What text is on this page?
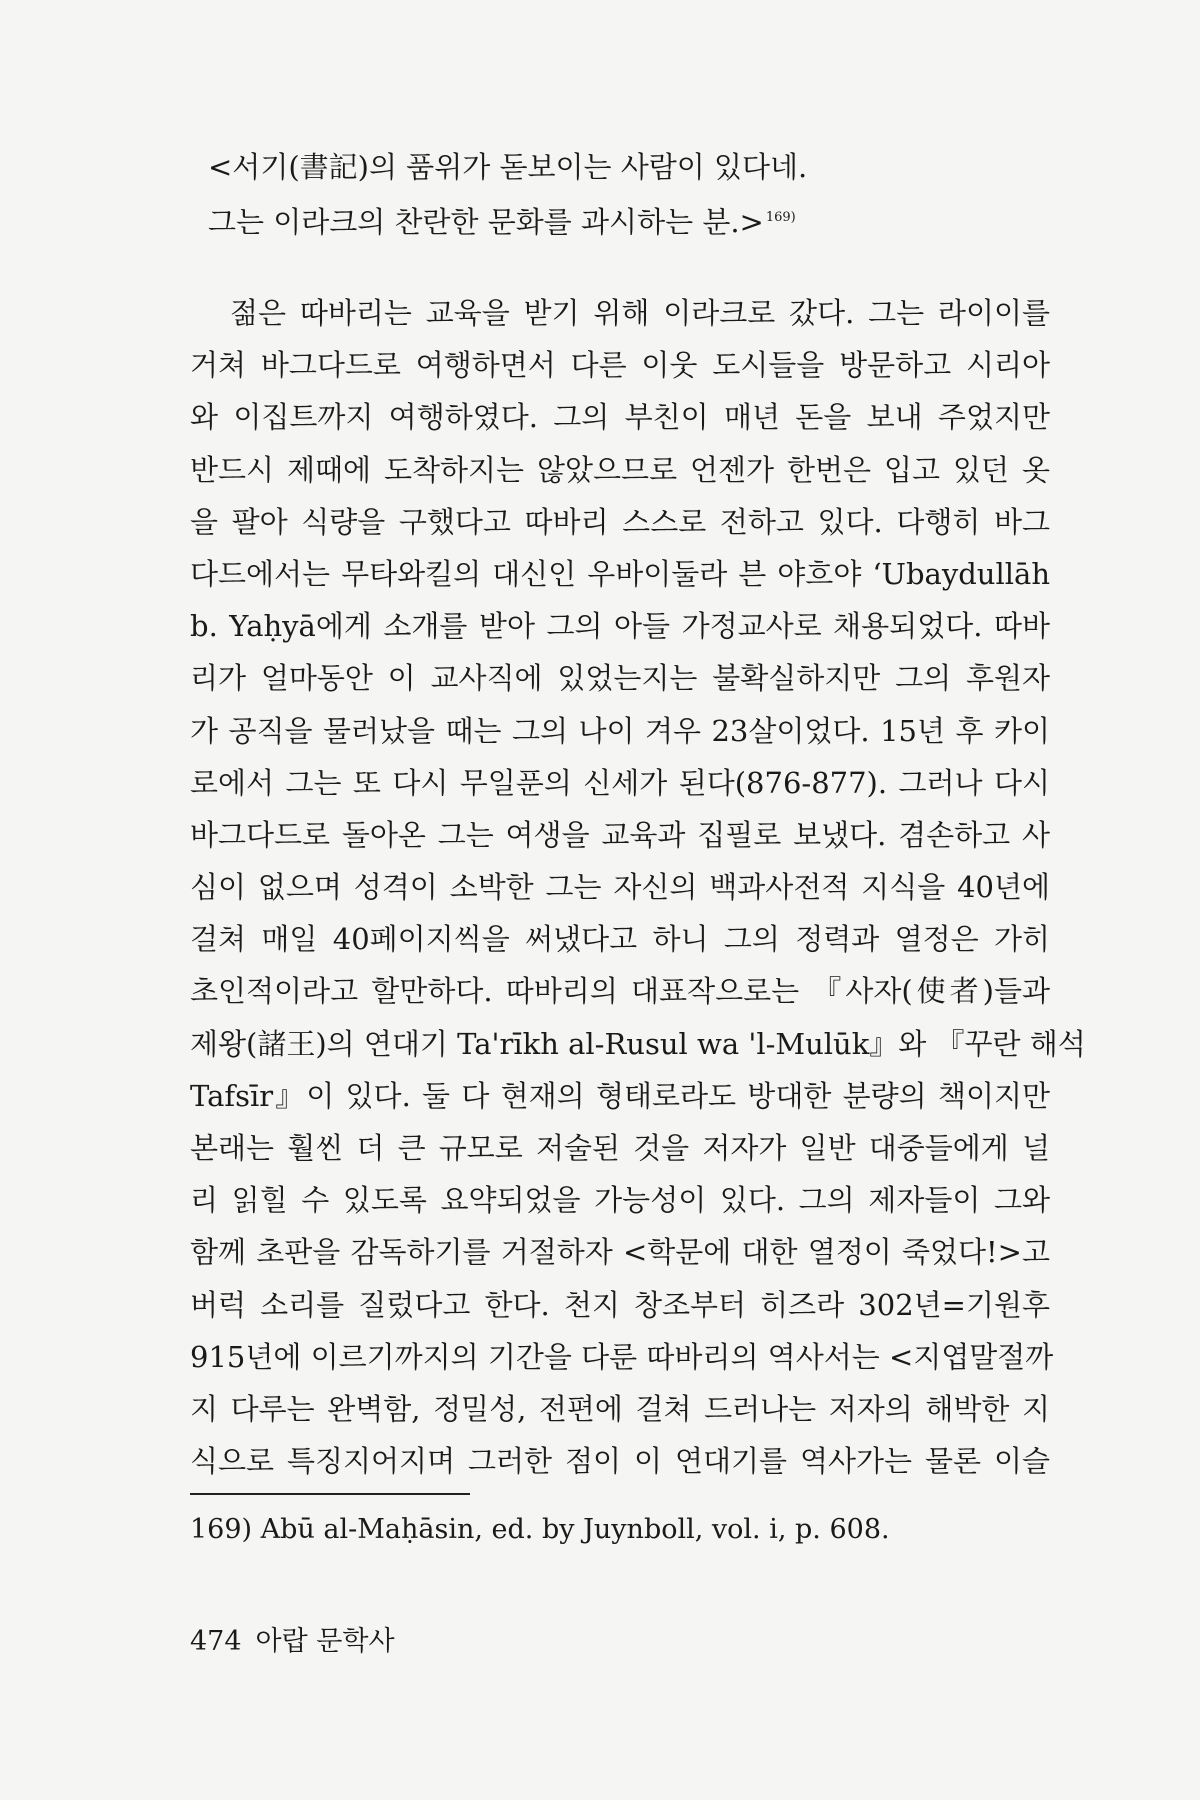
<서기(書記)의 품위가 돋보이는 사람이 있다네.
그는 이라크의 찬란한 문화를 과시하는 분.> $^{169)}$
젊은 따바리는 교육을 받기 위해 이라크로 갔다. 그는 라이이를
거쳐 바그다드로 여행하면서 다른 이웃 도시들을 방문하고 시리아
와 이집트까지 여행하였다. 그의 부친이 매년 돈을 보내 주었지만
반드시 제때에 도착하지는 않았으므로 언젠가 한번은 입고 있던 옷
을 팔아 식량을 구했다고 따바리 스스로 전하고 있다. 다행히 바그
다드에서는 무타와킬의 대신인 우바이둘라 븐 야흐야 ‘Ubaydullāh
b. Yaḥyā에게 소개를 받아 그의 아들 가정교사로 채용되었다. 따바
리가 얼마동안 이 교사직에 있었는지는 불확실하지만 그의 후원자
가 공직을 물러났을 때는 그의 나이 겨우 23살이었다. 15년 후 카이
로에서 그는 또 다시 무일푼의 신세가 된다(876-877). 그러나 다시
바그다드로 돌아온 그는 여생을 교육과 집필로 보냈다. 겸손하고 사
심이 없으며 성격이 소박한 그는 자신의 백과사전적 지식을 40년에
걸쳐 매일 40페이지씩을 써냈다고 하니 그의 정력과 열정은 가히
초인적이라고 할만하다. 따바리의 대표작으로는 『사자(使者)들과
제왕(諸王)의 연대기 Ta'rīkh al-Rusul wa 'l-Mulūk』와 『꾸란 해석
Tafsīr』이 있다. 둘 다 현재의 형태로라도 방대한 분량의 책이지만
본래는 훨씬 더 큰 규모로 저술된 것을 저자가 일반 대중들에게 널
리 읽힐 수 있도록 요약되었을 가능성이 있다. 그의 제자들이 그와
함께 초판을 감독하기를 거절하자 <학문에 대한 열정이 죽었다!>고
버럭 소리를 질렀다고 한다. 천지 창조부터 히즈라 302년=기원후
915년에 이르기까지의 기간을 다룬 따바리의 역사서는 <지엽말절까
지 다루는 완벽함, 정밀성, 전편에 걸쳐 드러나는 저자의 해박한 지
식으로 특징지어지며 그러한 점이 이 연대기를 역사가는 물론 이슬
169) Abū al-Maḥāsin, ed. by Juynboll, vol. i, p. 608.
474 아랍 문학사
